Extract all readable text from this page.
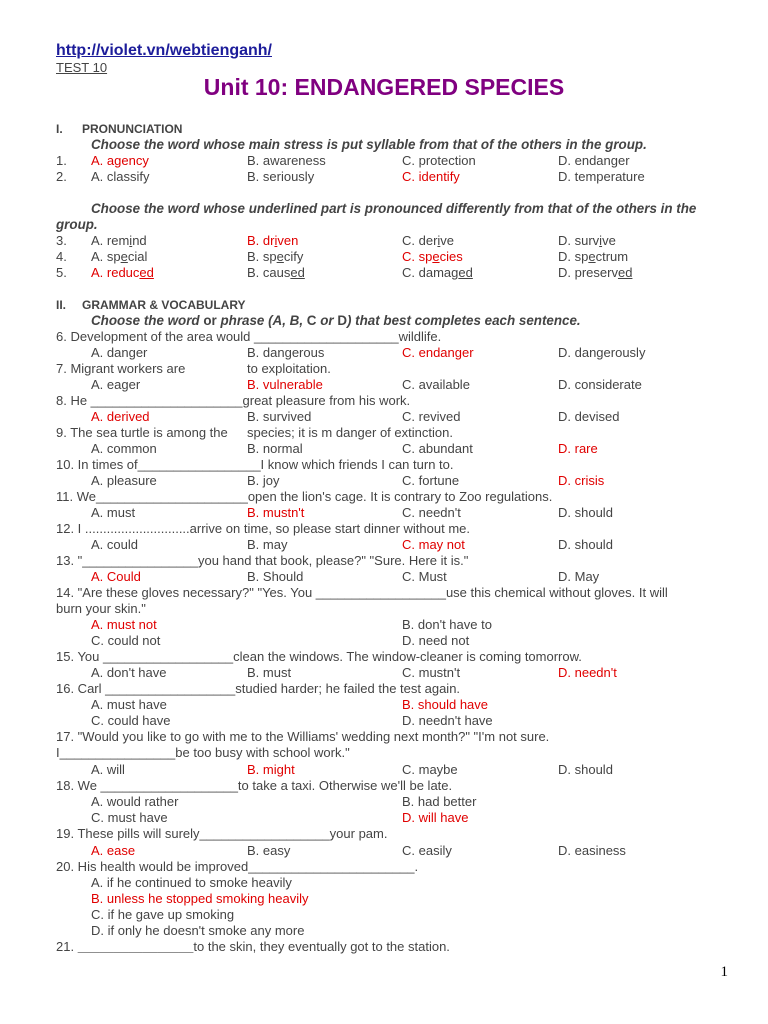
http://violet.vn/webtienganh/
TEST 10
Unit 10: ENDANGERED SPECIES
I. PRONUNCIATION
Choose the word whose main stress is put syllable from that of the others in the group.
1. A. agency	B. awareness	C. protection	D. endanger
2. A. classify	B. seriously	C. identify	D. temperature
Choose the word whose underlined part is pronounced differently from that of the others in the group.
3. A. remind	B. driven	C. derive	D. survive
4. A. special	B. specify	C. species	D. spectrum
5. A. reduced	B. caused	C. damaged	D. preserved
II. GRAMMAR & VOCABULARY
Choose the word or phrase (A, B, C or D) that best completes each sentence.
6. Development of the area would ____________________wildlife.
A. danger	B. dangerous	C. endanger	D. dangerously
7. Migrant workers are	to exploitation.
A. eager	B. vulnerable	C. available	D. considerate
8. He _____________________great pleasure from his work.
A. derived	B. survived	C. revived	D. devised
9. The sea turtle is among the species; it is m danger of extinction.
A. common	B. normal	C. abundant	D. rare
10. In times of_________________I know which friends I can turn to.
A. pleasure	B. joy	C. fortune	D. crisis
11. We_____________________open the lion's cage. It is contrary to Zoo regulations.
A. must	B. mustn't	C. needn't	D. should
12. I .............................arrive on time, so please start dinner without me.
A. could	B. may	C. may not	D. should
13. "________________you hand that book, please?" "Sure. Here it is."
A. Could	B. Should	C. Must	D. May
14. "Are these gloves necessary?" "Yes. You __________________use this chemical without gloves. It will
burn your skin."
A. must not	B. don't have to
C. could not	D. need not
15. You __________________clean the windows. The window-cleaner is coming tomorrow.
A. don't have	B. must	C. mustn't	D. needn't
16. Carl __________________studied harder; he failed the test again.
A. must have	B. should have
C. could have	D. needn't have
17. "Would you like to go with me to the Williams' wedding next month?" "I'm not sure.
I________________be too busy with school work."
A. will	B. might	C. maybe	D. should
18. We ___________________to take a taxi. Otherwise we'll be late.
A. would rather	B. had better
C. must have	D. will have
19. These pills will surely__________________your pam.
A. ease	B. easy	C. easily	D. easiness
20. His health would be improved_______________________.
A. if he continued to smoke heavily
B. unless he stopped smoking heavily
C. if he gave up smoking
D. if only he doesn't smoke any more
21. ________________to the skin, they eventually got to the station.
1
